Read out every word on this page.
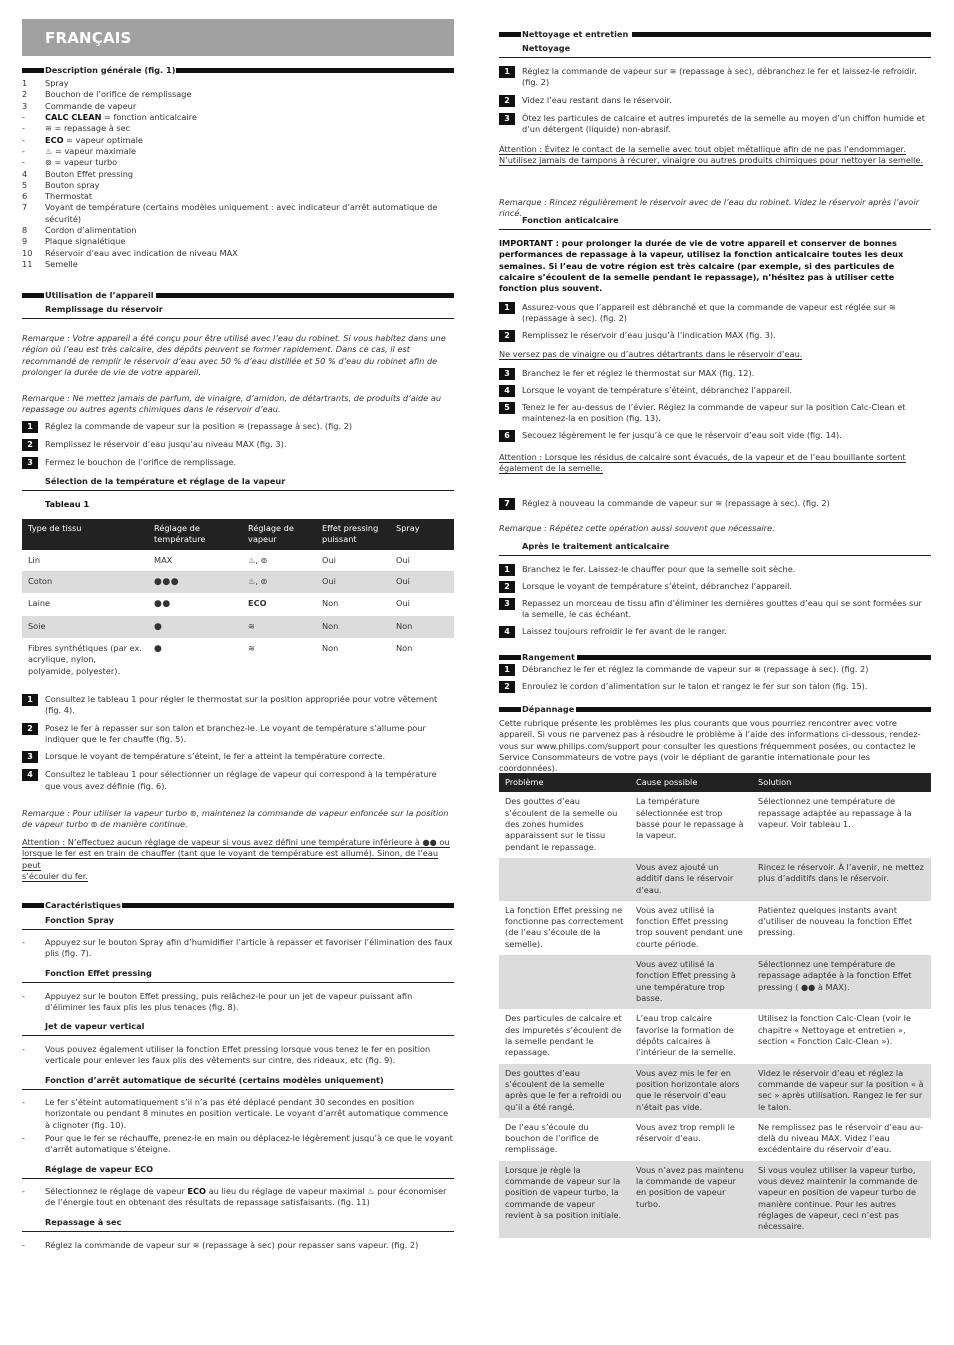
FRANÇAIS
Description générale (fig. 1)
1	Spray
2	Bouchon de l’orifice de remplissage
3	Commande de vapeur
-	CALC CLEAN = fonction anticalcaire
-	≋ = repassage à sec
-	ECO = vapeur optimale
-	♨ = vapeur maximale
-	⊚ = vapeur turbo
4	Bouton Effet pressing
5	Bouton spray
6	Thermostat
7	Voyant de température (certains modèles uniquement : avec indicateur d’arrêt automatique de sécurité)
8	Cordon d’alimentation
9	Plaque signalétique
10	Réservoir d’eau avec indication de niveau MAX
11	Semelle
Utilisation de l’appareil
Remplissage du réservoir
Remarque : Votre appareil a été conçu pour être utilisé avec l’eau du robinet. Si vous habitez dans une région où l’eau est très calcaire, des dépôts peuvent se former rapidement. Dans ce cas, il est recommandé de remplir le réservoir d’eau avec 50 % d’eau distillée et 50 % d’eau du robinet afin de prolonger la durée de vie de votre appareil.
Remarque : Ne mettez jamais de parfum, de vinaigre, d’amidon, de détartrants, de produits d’aide au repassage ou autres agents chimiques dans le réservoir d’eau.
1	Réglez la commande de vapeur sur la position ≋ (repassage à sec). (fig. 2)
2	Remplissez le réservoir d’eau jusqu’au niveau MAX (fig. 3).
3	Fermez le bouchon de l’orifice de remplissage.
Sélection de la température et réglage de la vapeur
Tableau 1
Type de tissu	Réglage de température	Réglage de vapeur	Effet pressing puissant	Spray
Lin	MAX	♨, ⊚	Oui	Oui
Coton	●●●	♨, ⊚	Oui	Oui
Laine	●●	ECO	Non	Oui
Soie	●	≋	Non	Non
Fibres synthétiques (par ex. acrylique, nylon, polyamide, polyester).	●	≋	Non	Non
1	Consultez le tableau 1 pour régler le thermostat sur la position appropriée pour votre vêtement (fig. 4).
2	Posez le fer à repasser sur son talon et branchez-le. Le voyant de température s’allume pour indiquer que le fer chauffe (fig. 5).
3	Lorsque le voyant de température s’éteint, le fer a atteint la température correcte.
4	Consultez le tableau 1 pour sélectionner un réglage de vapeur qui correspond à la température que vous avez définie (fig. 6).
Remarque : Pour utiliser la vapeur turbo ⊚, maintenez la commande de vapeur enfoncée sur la position de vapeur turbo ⊚ de manière continue.
Attention : N’effectuez aucun réglage de vapeur si vous avez défini une température inférieure à ●● ou
lorsque le fer est en train de chauffer (tant que le voyant de température est allumé). Sinon, de l’eau peut
s’écouler du fer.
Caractéristiques
Fonction Spray
-	Appuyez sur le bouton Spray afin d’humidifier l’article à repasser et favoriser l’élimination des faux plis (fig. 7).
Fonction Effet pressing
-	Appuyez sur le bouton Effet pressing, puis relâchez-le pour un jet de vapeur puissant afin d’éliminer les faux plis les plus tenaces (fig. 8).
Jet de vapeur vertical
-	Vous pouvez également utiliser la fonction Effet pressing lorsque vous tenez le fer en position verticale pour enlever les faux plis des vêtements sur cintre, des rideaux, etc (fig. 9).
Fonction d’arrêt automatique de sécurité (certains modèles uniquement)
-	Le fer s’éteint automatiquement s’il n’a pas été déplacé pendant 30 secondes en position horizontale ou pendant 8 minutes en position verticale. Le voyant d’arrêt automatique commence à clignoter (fig. 10).
-	Pour que le fer se réchauffe, prenez-le en main ou déplacez-le légèrement jusqu’à ce que le voyant d’arrêt automatique s’éteigne.
Réglage de vapeur ECO
-	Sélectionnez le réglage de vapeur ECO au lieu du réglage de vapeur maximal ♨ pour économiser de l’énergie tout en obtenant des résultats de repassage satisfaisants. (fig. 11)
Repassage à sec
-	Réglez la commande de vapeur sur ≋ (repassage à sec) pour repasser sans vapeur. (fig. 2)
Nettoyage et entretien
Nettoyage
1	Réglez la commande de vapeur sur ≋ (repassage à sec), débranchez le fer et laissez-le refroidir. (fig. 2)
2	Videz l’eau restant dans le réservoir.
3	Ôtez les particules de calcaire et autres impuretés de la semelle au moyen d’un chiffon humide et d’un détergent (liquide) non-abrasif.
Attention : Évitez le contact de la semelle avec tout objet métallique afin de ne pas l’endommager.
N’utilisez jamais de tampons à récurer, vinaigre ou autres produits chimiques pour nettoyer la semelle.
Remarque : Rincez régulièrement le réservoir avec de l’eau du robinet. Videz le réservoir après l’avoir rincé.
Fonction anticalcaire
IMPORTANT : pour prolonger la durée de vie de votre appareil et conserver de bonnes performances de repassage à la vapeur, utilisez la fonction anticalcaire toutes les deux semaines. Si l’eau de votre région est très calcaire (par exemple, si des particules de calcaire s’écoulent de la semelle pendant le repassage), n’hésitez pas à utiliser cette fonction plus souvent.
1	Assurez-vous que l’appareil est débranché et que la commande de vapeur est réglée sur ≋ (repassage à sec). (fig. 2)
2	Remplissez le réservoir d’eau jusqu’à l’indication MAX (fig. 3).
Ne versez pas de vinaigre ou d’autres détartrants dans le réservoir d’eau.
3	Branchez le fer et réglez le thermostat sur MAX (fig. 12).
4	Lorsque le voyant de température s’éteint, débranchez l’appareil.
5	Tenez le fer au-dessus de l’évier. Réglez la commande de vapeur sur la position Calc-Clean et maintenez-la en position (fig. 13).
6	Secouez légèrement le fer jusqu’à ce que le réservoir d’eau soit vide (fig. 14).
Attention : Lorsque les résidus de calcaire sont évacués, de la vapeur et de l’eau bouillante sortent
également de la semelle.
7	Réglez à nouveau la commande de vapeur sur ≋ (repassage à sec). (fig. 2)
Remarque : Répétez cette opération aussi souvent que nécessaire.
Après le traitement anticalcaire
1	Branchez le fer. Laissez-le chauffer pour que la semelle soit sèche.
2	Lorsque le voyant de température s’éteint, débranchez l’appareil.
3	Repassez un morceau de tissu afin d’éliminer les dernières gouttes d’eau qui se sont formées sur la semelle, le cas échéant.
4	Laissez toujours refroidir le fer avant de le ranger.
Rangement
1	Débranchez le fer et réglez la commande de vapeur sur ≋ (repassage à sec). (fig. 2)
2	Enroulez le cordon d’alimentation sur le talon et rangez le fer sur son talon (fig. 15).
Dépannage
Cette rubrique présente les problèmes les plus courants que vous pourriez rencontrer avec votre appareil. Si vous ne parvenez pas à résoudre le problème à l’aide des informations ci-dessous, rendez-vous sur www.philips.com/support pour consulter les questions fréquemment posées, ou contactez le Service Consommateurs de votre pays (voir le dépliant de garantie internationale pour les coordonnées).
Problème	Cause possible	Solution
Des gouttes d’eau s’écoulent de la semelle ou des zones humides apparaissent sur le tissu pendant le repassage.	La température sélectionnée est trop basse pour le repassage à la vapeur.	Sélectionnez une température de repassage adaptée au repassage à la vapeur. Voir tableau 1.
	Vous avez ajouté un additif dans le réservoir d’eau.	Rincez le réservoir. À l’avenir, ne mettez plus d’additifs dans le réservoir.
La fonction Effet pressing ne fonctionne pas correctement (de l’eau s’écoule de la semelle).	Vous avez utilisé la fonction Effet pressing trop souvent pendant une courte période.	Patientez quelques instants avant d’utiliser de nouveau la fonction Effet pressing.
	Vous avez utilisé la fonction Effet pressing à une température trop basse.	Sélectionnez une température de repassage adaptée à la fonction Effet pressing ( ●● à MAX).
Des particules de calcaire et des impuretés s’écoulent de la semelle pendant le repassage.	L’eau trop calcaire favorise la formation de dépôts calcaires à l’intérieur de la semelle.	Utilisez la fonction Calc-Clean (voir le chapitre « Nettoyage et entretien », section « Fonction Calc-Clean »).
Des gouttes d’eau s’écoulent de la semelle après que le fer a refroidi ou qu’il a été rangé.	Vous avez mis le fer en position horizontale alors que le réservoir d’eau n’était pas vide.	Videz le réservoir d’eau et réglez la commande de vapeur sur la position « à sec » après utilisation. Rangez le fer sur le talon.
De l’eau s’écoule du bouchon de l’orifice de remplissage.	Vous avez trop rempli le réservoir d’eau.	Ne remplissez pas le réservoir d’eau au-delà du niveau MAX. Videz l’eau excédentaire du réservoir d’eau.
Lorsque je règle la commande de vapeur sur la position de vapeur turbo, la commande de vapeur revient à sa position initiale.	Vous n’avez pas maintenu la commande de vapeur en position de vapeur turbo.	Si vous voulez utiliser la vapeur turbo, vous devez maintenir la commande de vapeur en position de vapeur turbo de manière continue. Pour les autres réglages de vapeur, ceci n’est pas nécessaire.
